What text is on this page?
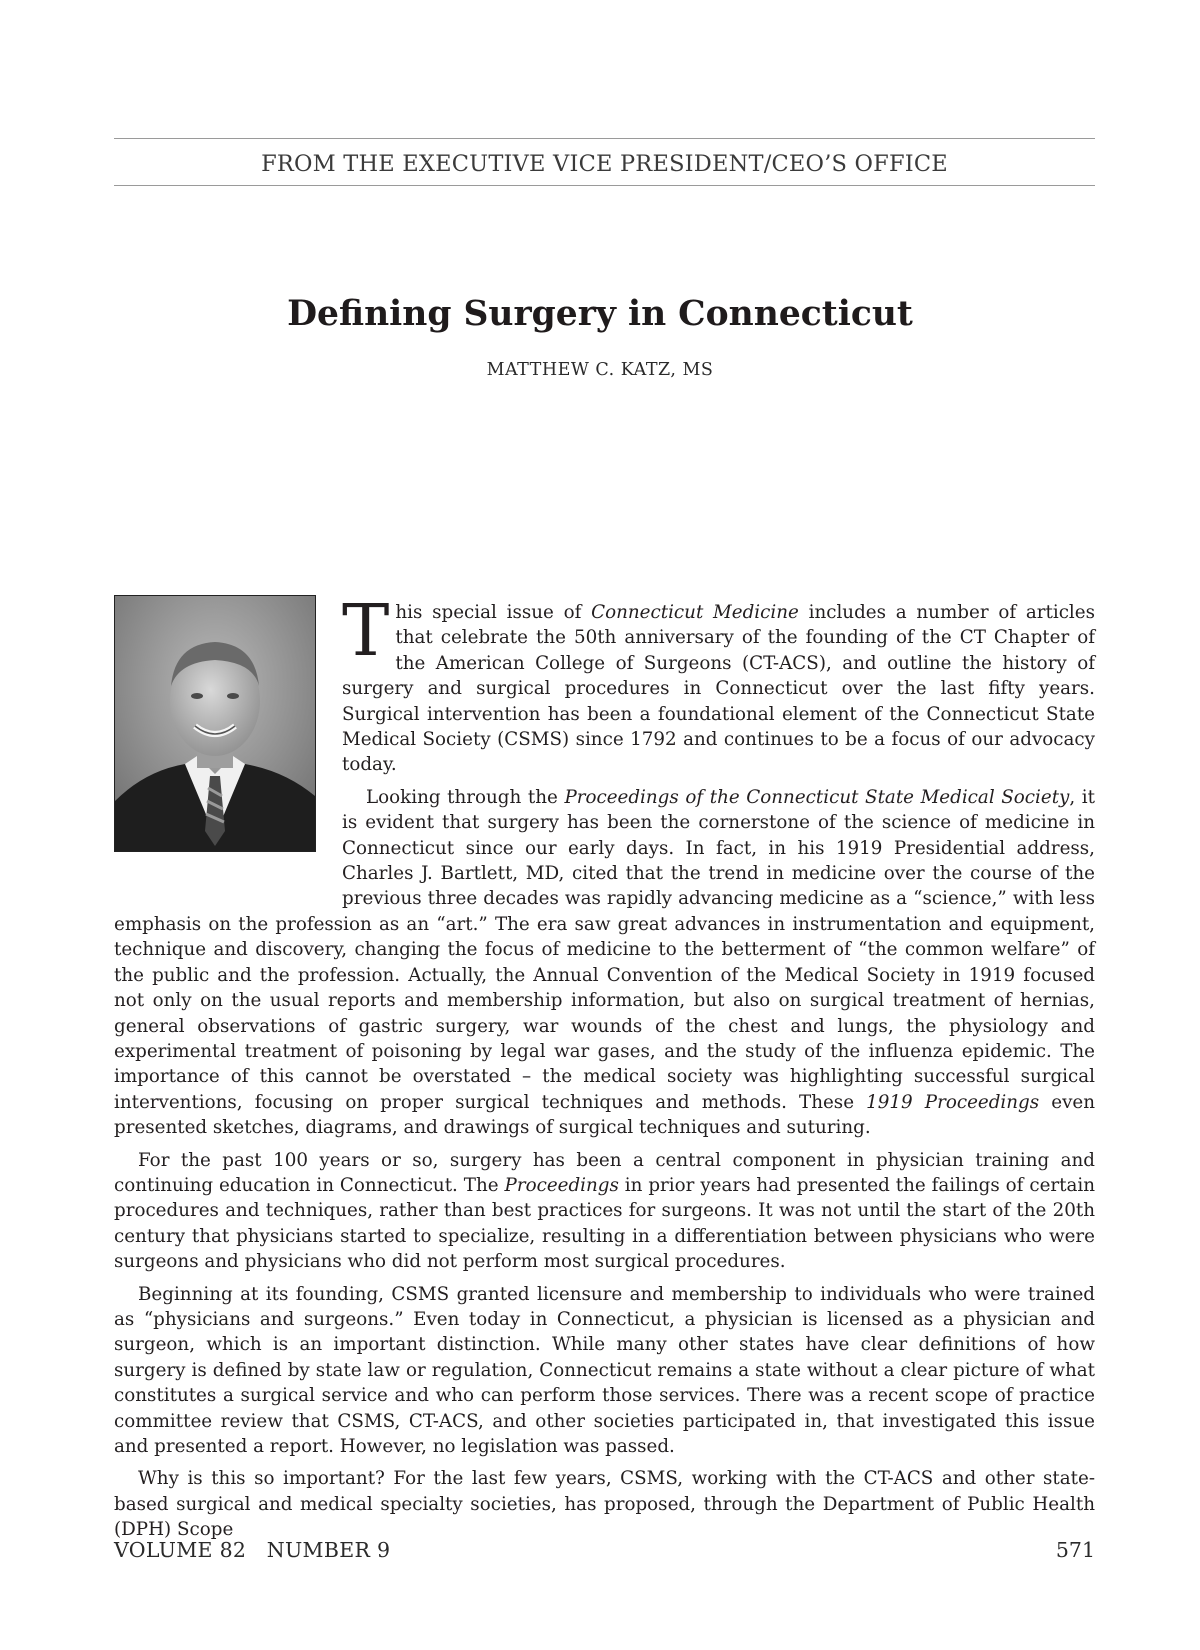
FROM THE EXECUTIVE VICE PRESIDENT/CEO’S OFFICE
Defining Surgery in Connecticut
MATTHEW C. KATZ, MS

This special issue of Connecticut Medicine includes a number of articles that celebrate the 50th anniversary of the founding of the CT Chapter of the American College of Surgeons (CT-ACS), and outline the history of surgery and surgical procedures in Connecticut over the last fifty years. Surgical intervention has been a foundational element of the Connecticut State Medical Society (CSMS) since 1792 and continues to be a focus of our advocacy today.

Looking through the Proceedings of the Connecticut State Medical Society, it is evident that surgery has been the cornerstone of the science of medicine in Connecticut since our early days. In fact, in his 1919 Presidential address, Charles J. Bartlett, MD, cited that the trend in medicine over the course of the previous three decades was rapidly advancing medicine as a “science,” with less emphasis on the profession as an “art.” The era saw great advances in instrumentation and equipment, technique and discovery, changing the focus of medicine to the betterment of “the common welfare” of the public and the profession. Actually, the Annual Convention of the Medical Society in 1919 focused not only on the usual reports and membership information, but also on surgical treatment of hernias, general observations of gastric surgery, war wounds of the chest and lungs, the physiology and experimental treatment of poisoning by legal war gases, and the study of the influenza epidemic. The importance of this cannot be overstated – the medical society was highlighting successful surgical interventions, focusing on proper surgical techniques and methods. These 1919 Proceedings even presented sketches, diagrams, and drawings of surgical techniques and suturing.

For the past 100 years or so, surgery has been a central component in physician training and continuing education in Connecticut. The Proceedings in prior years had presented the failings of certain procedures and techniques, rather than best practices for surgeons. It was not until the start of the 20th century that physicians started to specialize, resulting in a differentiation between physicians who were surgeons and physicians who did not perform most surgical procedures.

Beginning at its founding, CSMS granted licensure and membership to individuals who were trained as “physicians and surgeons.” Even today in Connecticut, a physician is licensed as a physician and surgeon, which is an important distinction. While many other states have clear definitions of how surgery is defined by state law or regulation, Connecticut remains a state without a clear picture of what constitutes a surgical service and who can perform those services. There was a recent scope of practice committee review that CSMS, CT-ACS, and other societies participated in, that investigated this issue and presented a report. However, no legislation was passed.

Why is this so important? For the last few years, CSMS, working with the CT-ACS and other state-based surgical and medical specialty societies, has proposed, through the Department of Public Health (DPH) Scope

VOLUME 82   NUMBER 9	571
